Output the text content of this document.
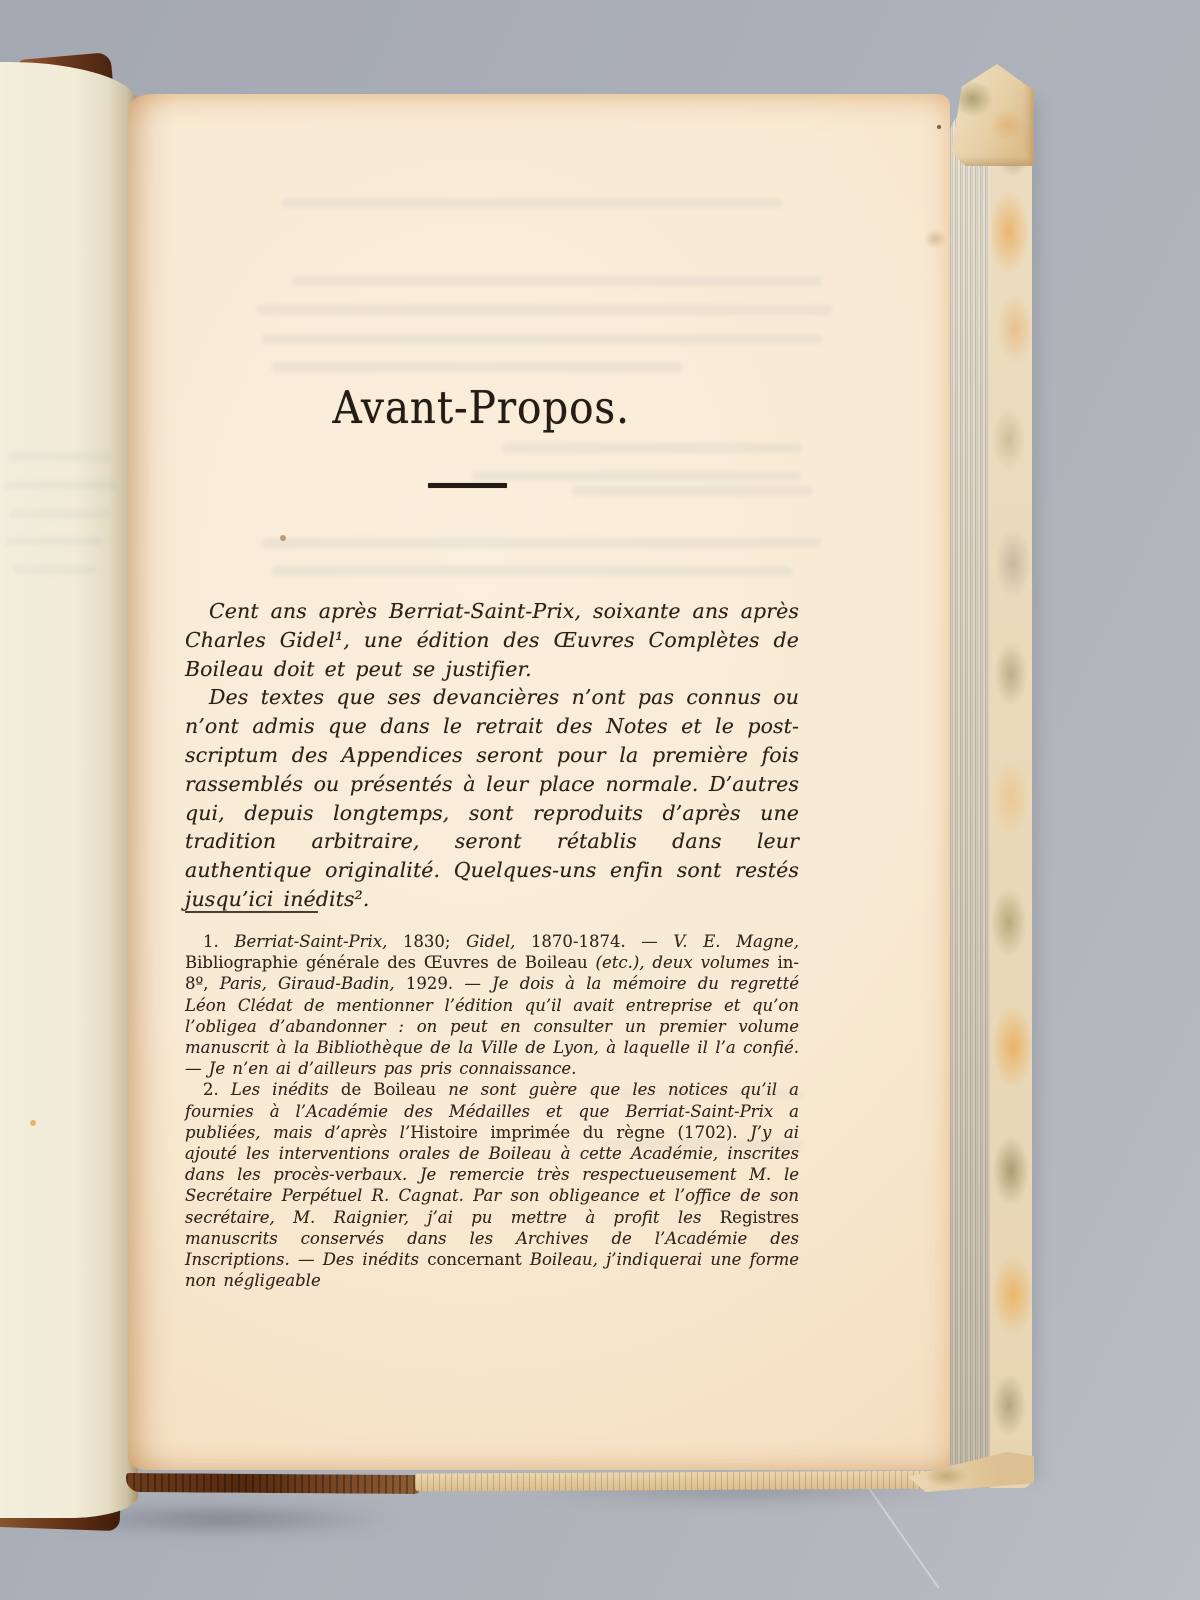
Avant-Propos.

Cent ans après Berriat-Saint-Prix, soixante ans après Charles Gidel¹, une édition des Œuvres Complètes de Boileau doit et peut se justifier.

Des textes que ses devancières n’ont pas connus ou n’ont admis que dans le retrait des Notes et le post-scriptum des Appendices seront pour la première fois rassemblés ou présentés à leur place normale. D’autres qui, depuis longtemps, sont reproduits d’après une tradition arbitraire, seront rétablis dans leur authentique originalité. Quelques-uns enfin sont restés jusqu’ici inédits².

1. Berriat-Saint-Prix, 1830; Gidel, 1870-1874. — V. E. Magne, Bibliographie générale des Œuvres de Boileau (etc.), deux volumes in-8º, Paris, Giraud-Badin, 1929. — Je dois à la mémoire du regretté Léon Clédat de mentionner l’édition qu’il avait entreprise et qu’on l’obligea d’abandonner : on peut en consulter un premier volume manuscrit à la Bibliothèque de la Ville de Lyon, à laquelle il l’a confié. — Je n’en ai d’ailleurs pas pris connaissance.

2. Les inédits de Boileau ne sont guère que les notices qu’il a fournies à l’Académie des Médailles et que Berriat-Saint-Prix a publiées, mais d’après l’Histoire imprimée du règne (1702). J’y ai ajouté les interventions orales de Boileau à cette Académie, inscrites dans les procès-verbaux. Je remercie très respectueusement M. le Secrétaire Perpétuel R. Cagnat. Par son obligeance et l’office de son secrétaire, M. Raignier, j’ai pu mettre à profit les Registres manuscrits conservés dans les Archives de l’Académie des Inscriptions. — Des inédits concernant Boileau, j’indiquerai une forme non négligeable
